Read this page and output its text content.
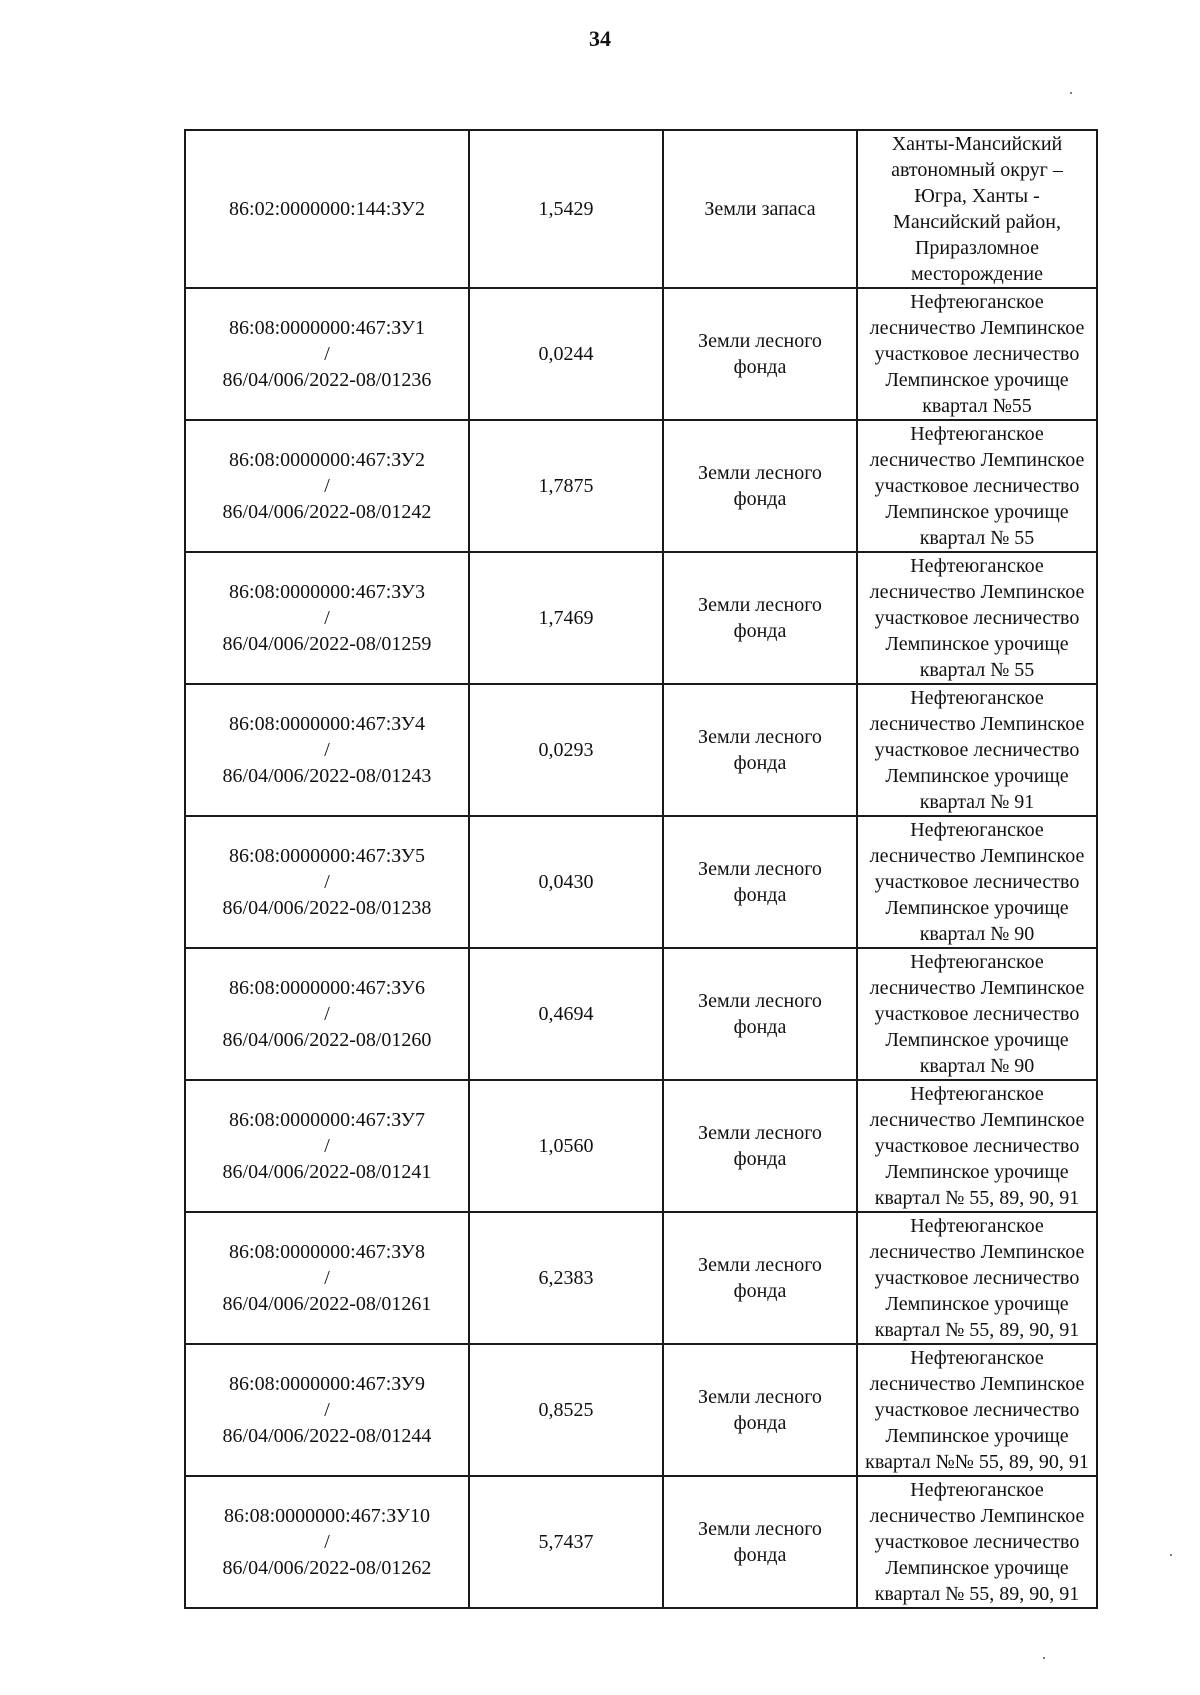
34
86:02:0000000:144:ЗУ2	1,5429	Земли запаса	Ханты-Мансийский автономный округ – Югра, Ханты - Мансийский район, Приразломное месторождение

86:08:0000000:467:ЗУ1
/
86/04/006/2022-08/01236	0,0244	Земли лесного фонда	Нефтеюганское лесничество Лемпинское участковое лесничество Лемпинское урочище квартал №55

86:08:0000000:467:ЗУ2
/
86/04/006/2022-08/01242	1,7875	Земли лесного фонда	Нефтеюганское лесничество Лемпинское участковое лесничество Лемпинское урочище квартал № 55

86:08:0000000:467:ЗУ3
/
86/04/006/2022-08/01259	1,7469	Земли лесного фонда	Нефтеюганское лесничество Лемпинское участковое лесничество Лемпинское урочище квартал № 55

86:08:0000000:467:ЗУ4
/
86/04/006/2022-08/01243	0,0293	Земли лесного фонда	Нефтеюганское лесничество Лемпинское участковое лесничество Лемпинское урочище квартал № 91

86:08:0000000:467:ЗУ5
/
86/04/006/2022-08/01238	0,0430	Земли лесного фонда	Нефтеюганское лесничество Лемпинское участковое лесничество Лемпинское урочище квартал № 90

86:08:0000000:467:ЗУ6
/
86/04/006/2022-08/01260	0,4694	Земли лесного фонда	Нефтеюганское лесничество Лемпинское участковое лесничество Лемпинское урочище квартал № 90

86:08:0000000:467:ЗУ7
/
86/04/006/2022-08/01241	1,0560	Земли лесного фонда	Нефтеюганское лесничество Лемпинское участковое лесничество Лемпинское урочище квартал № 55, 89, 90, 91

86:08:0000000:467:ЗУ8
/
86/04/006/2022-08/01261	6,2383	Земли лесного фонда	Нефтеюганское лесничество Лемпинское участковое лесничество Лемпинское урочище квартал № 55, 89, 90, 91

86:08:0000000:467:ЗУ9
/
86/04/006/2022-08/01244	0,8525	Земли лесного фонда	Нефтеюганское лесничество Лемпинское участковое лесничество Лемпинское урочище квартал №№ 55, 89, 90, 91

86:08:0000000:467:ЗУ10
/
86/04/006/2022-08/01262	5,7437	Земли лесного фонда	Нефтеюганское лесничество Лемпинское участковое лесничество Лемпинское урочище квартал № 55, 89, 90, 91
